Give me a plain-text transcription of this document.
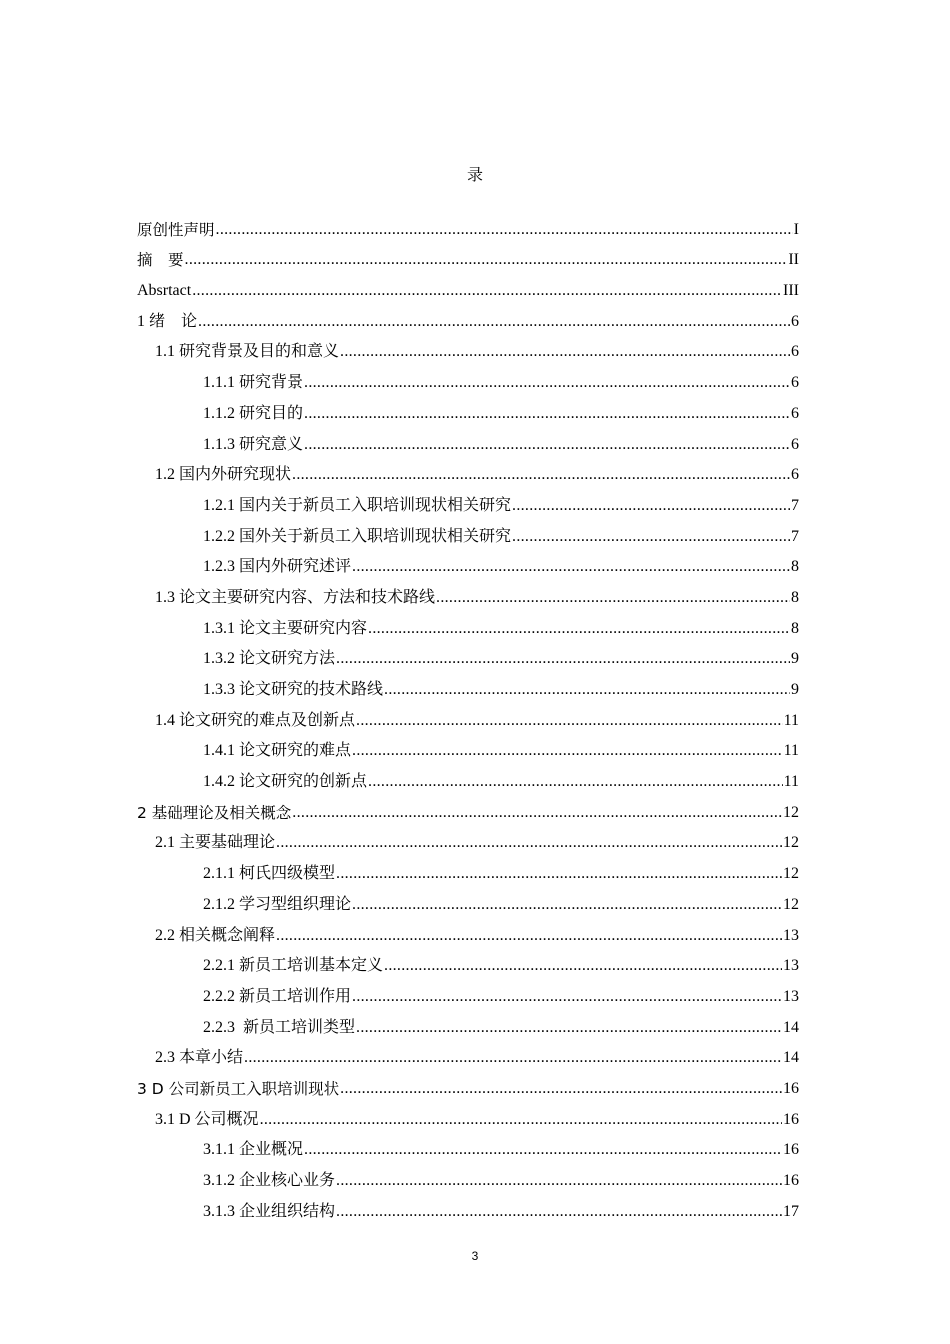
录
原创性声明 .....	I
摘　要 .....	II
Absrtact .....	III
1 绪　论 .....	6
1.1 研究背景及目的和意义 .....	6
1.1.1 研究背景 .....	6
1.1.2 研究目的 .....	6
1.1.3 研究意义 .....	6
1.2 国内外研究现状 .....	6
1.2.1 国内关于新员工入职培训现状相关研究 .....	7
1.2.2 国外关于新员工入职培训现状相关研究 .....	7
1.2.3 国内外研究述评 .....	8
1.3 论文主要研究内容、方法和技术路线 .....	8
1.3.1 论文主要研究内容 .....	8
1.3.2 论文研究方法 .....	9
1.3.3 论文研究的技术路线 .....	9
1.4 论文研究的难点及创新点 .....	11
1.4.1 论文研究的难点 .....	11
1.4.2 论文研究的创新点 .....	11
2 基础理论及相关概念 .....	12
2.1 主要基础理论 .....	12
2.1.1 柯氏四级模型 .....	12
2.1.2 学习型组织理论 .....	12
2.2 相关概念阐释 .....	13
2.2.1 新员工培训基本定义 .....	13
2.2.2 新员工培训作用 .....	13
2.2.3  新员工培训类型 .....	14
2.3 本章小结 .....	14
3 D 公司新员工入职培训现状 .....	16
3.1 D 公司概况 .....	16
3.1.1 企业概况 .....	16
3.1.2 企业核心业务 .....	16
3.1.3 企业组织结构 .....	17
3
